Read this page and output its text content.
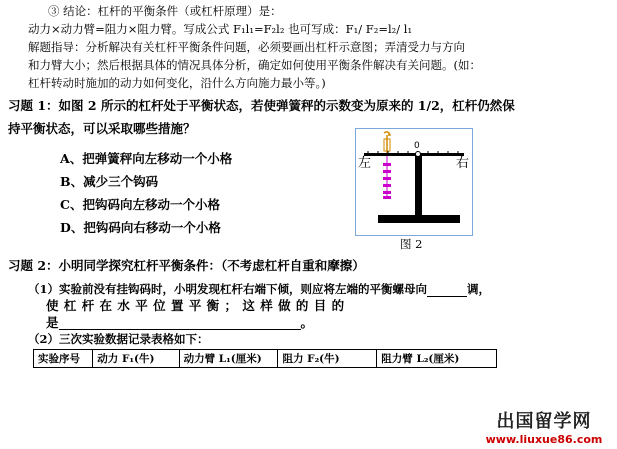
③ 结论：杠杆的平衡条件（或杠杆原理）是：
动力×动力臂=阻力×阻力臂。写成公式 F₁l₁=F₂l₂ 也可写成：F₁/ F₂=l₂/ l₁
解题指导：分析解决有关杠杆平衡条件问题，必须要画出杠杆示意图；弄清受力与方向
和力臂大小；然后根据具体的情况具体分析，确定如何使用平衡条件解决有关问题。(如：
杠杆转动时施加的动力如何变化，沿什么方向施力最小等。)
习题 1：如图 2 所示的杠杆处于平衡状态，若使弹簧秤的示数变为原来的 1/2，杠杆仍然保
持平衡状态，可以采取哪些措施？
A、把弹簧秤向左移动一个小格
B、减少三个钩码
C、把钩码向左移动一个小格
D、把钩码向右移动一个小格
左
0
右
图 2
习题 2：小明同学探究杠杆平衡条件：（不考虑杠杆自重和摩擦）
（1）实验前没有挂钩码时，小明发现杠杆右端下倾，则应将左端的平衡螺母向	调，
使 杠 杆 在 水 平 位 置 平 衡 ； 这 样 做 的 目 的
是	。
（2）三次实验数据记录表格如下：
实验序号	动力 F₁(牛)	动力臂 L₁(厘米)	阻力 F₂(牛)	阻力臂 L₂(厘米)
出国留学网
www.liuxue86.com
